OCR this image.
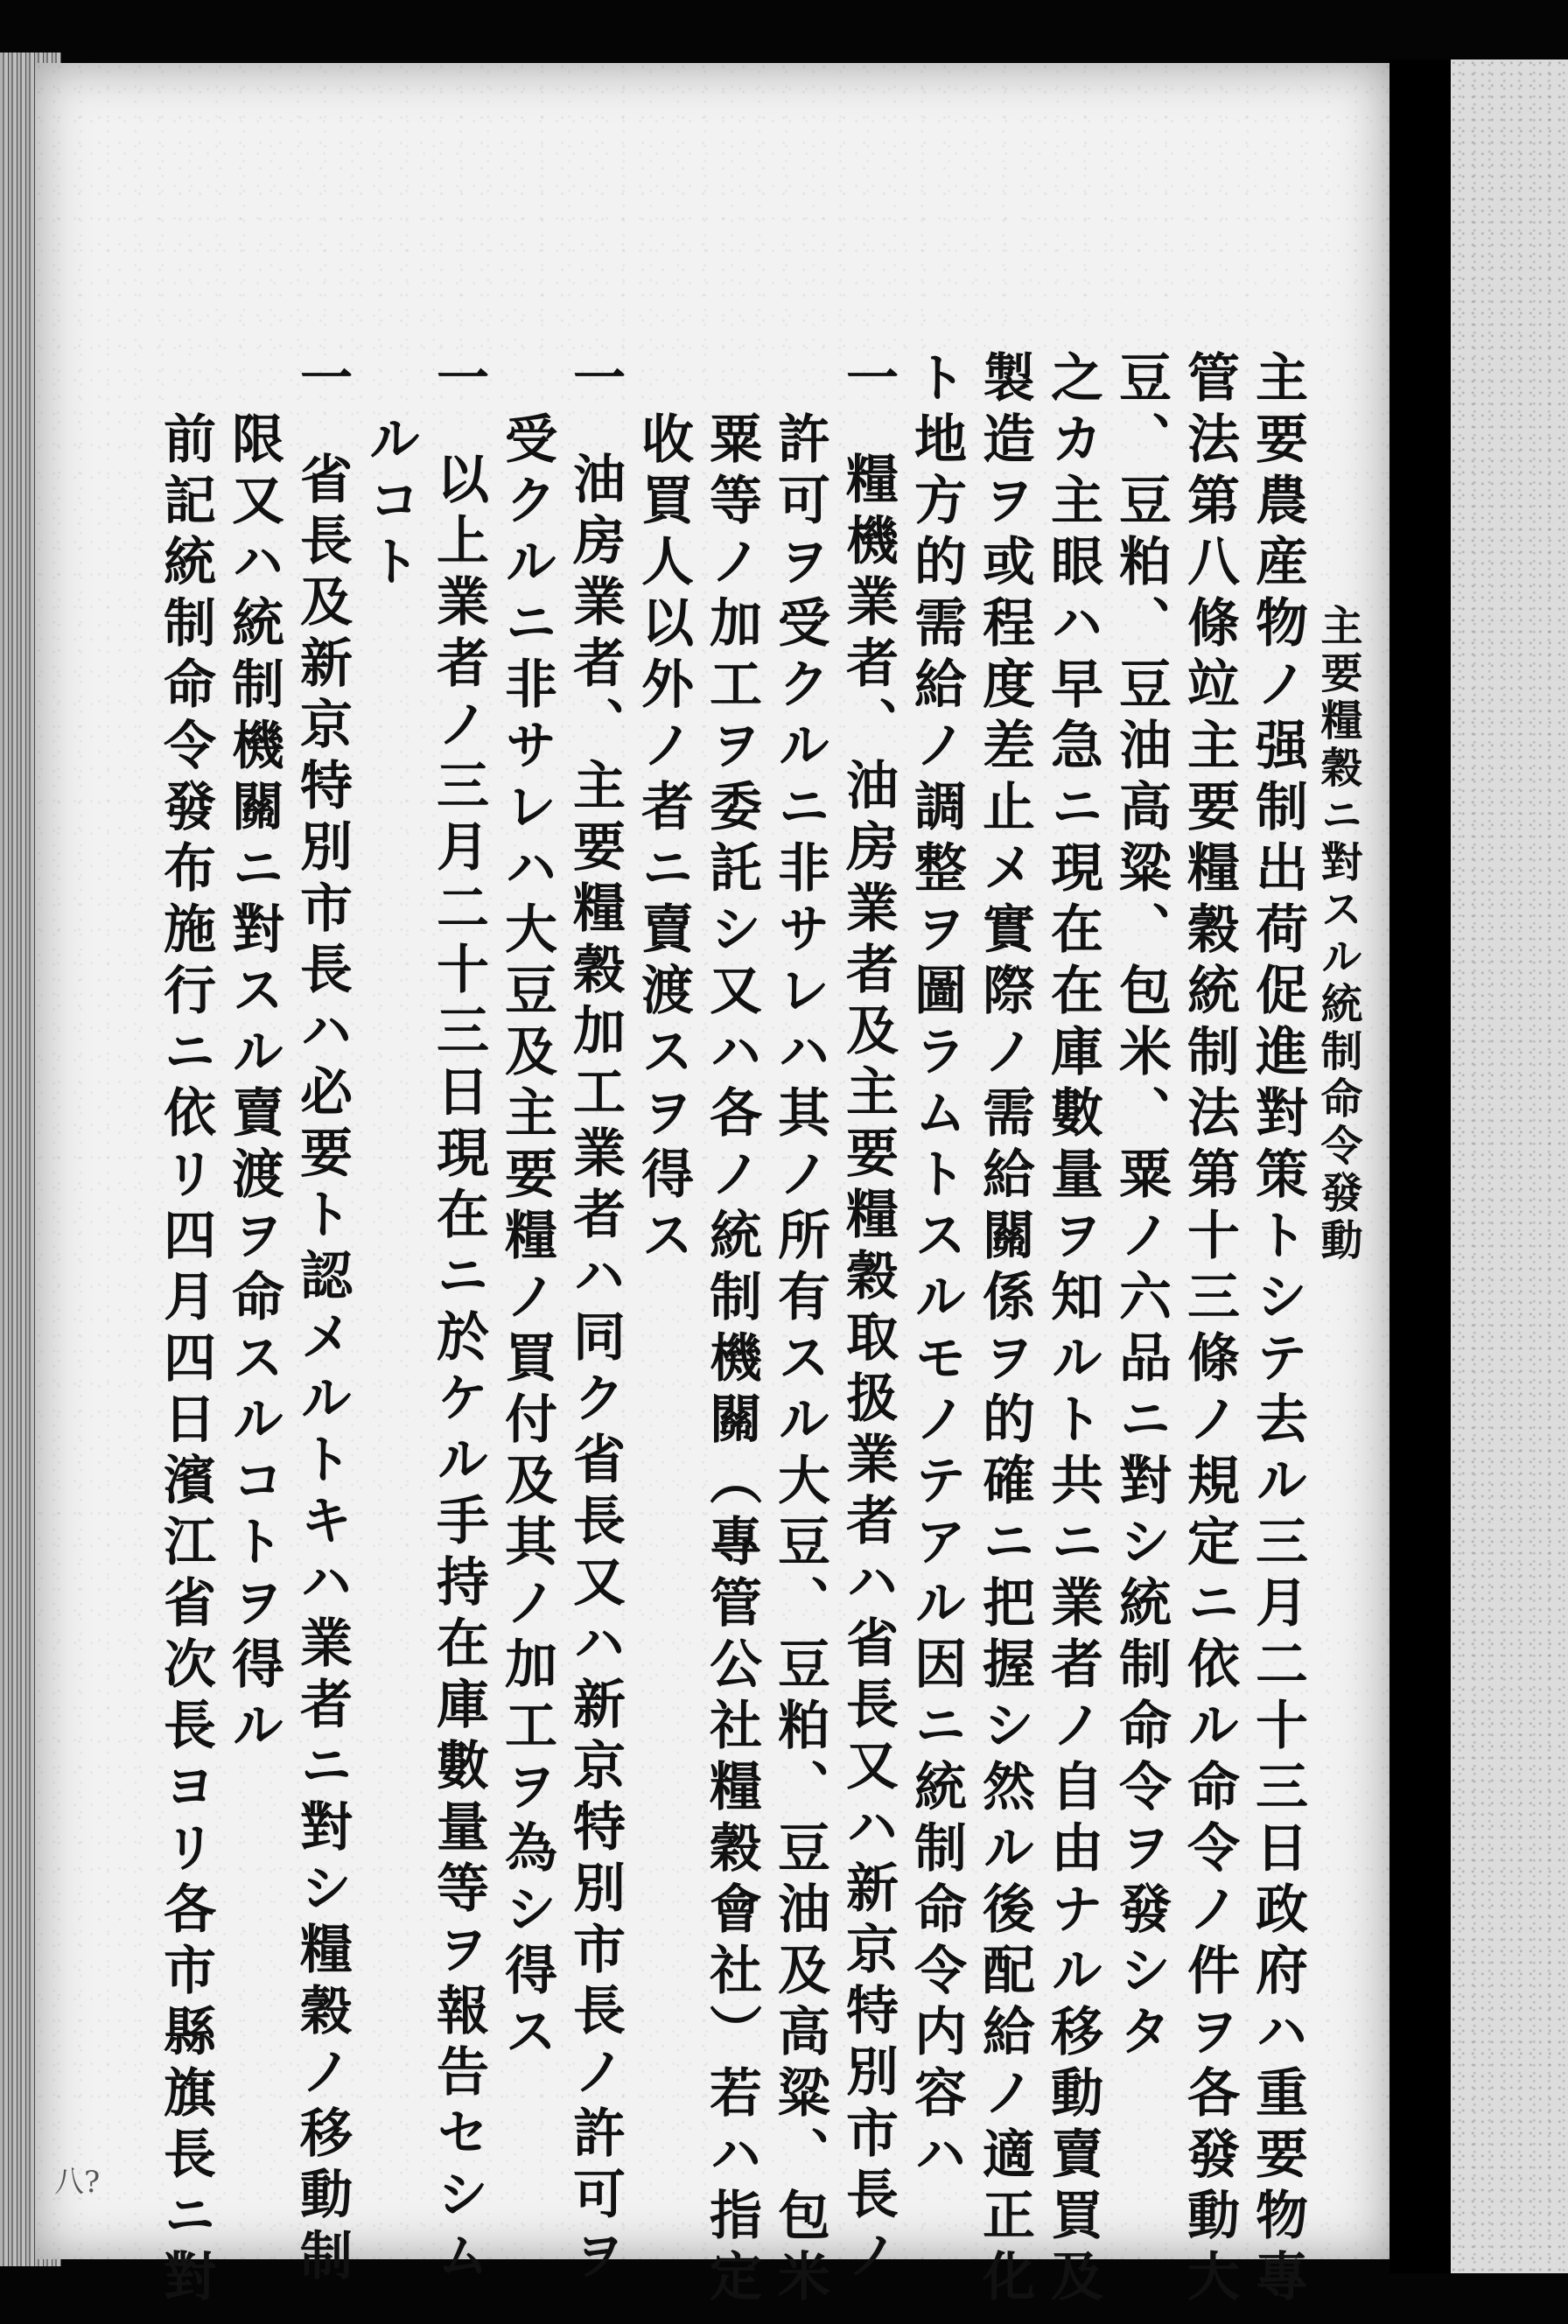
主要糧穀ニ對スル統制命令發動
主要農産物ノ强制出荷促進對策トシテ去ル三月二十三日政府ハ重要物專
管法第八條竝主要糧穀統制法第十三條ノ規定ニ依ル命令ノ件ヲ各發動大
豆、豆粕、豆油高粱、包米、粟ノ六品ニ對シ統制命令ヲ發シタ
之カ主眼ハ早急ニ現在在庫數量ヲ知ルト共ニ業者ノ自由ナル移動賣買及
製造ヲ或程度差止メ實際ノ需給關係ヲ的確ニ把握シ然ル後配給ノ適正化
ト地方的需給ノ調整ヲ圖ラムトスルモノテアル因ニ統制命令内容ハ
一糧機業者、油房業者及主要糧穀取扱業者ハ省長又ハ新京特別市長ノ
許可ヲ受クルニ非サレハ其ノ所有スル大豆、豆粕、豆油及高粱、包米
粟等ノ加工ヲ委託シ又ハ各ノ統制機關（專管公社糧穀會社）若ハ指定
收買人以外ノ者ニ賣渡スヲ得ス
一油房業者、主要糧穀加工業者ハ同ク省長又ハ新京特別市長ノ許可ヲ
受クルニ非サレハ大豆及主要糧ノ買付及其ノ加工ヲ為シ得ス
一以上業者ノ三月二十三日現在ニ於ケル手持在庫數量等ヲ報告セシム
ルコト
一省長及新京特別市長ハ必要ト認メルトキハ業者ニ對シ糧穀ノ移動制
限又ハ統制機關ニ對スル賣渡ヲ命スルコトヲ得ル
前記統制命令發布施行ニ依リ四月四日濱江省次長ヨリ各市縣旗長ニ對
八?
